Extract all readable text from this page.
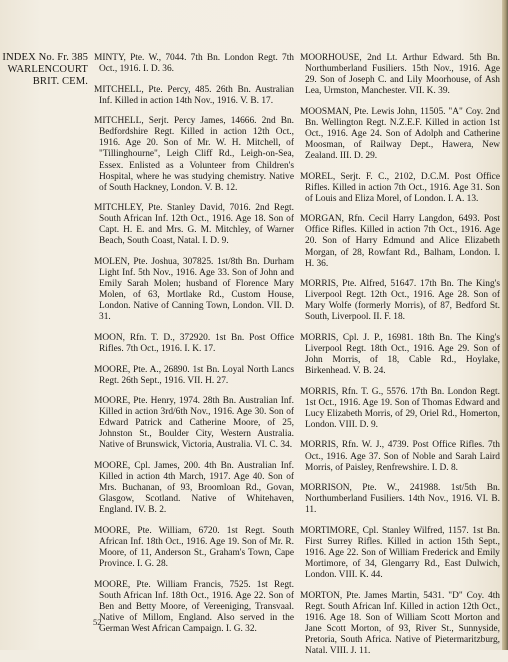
INDEX No. Fr. 385
WARLENCOURT
BRIT. CEM.

MINTY, Pte. W., 7044. 7th Bn. London Regt. 7th Oct., 1916. I. D. 36.

MITCHELL, Pte. Percy, 485. 26th Bn. Australian Inf. Killed in action 14th Nov., 1916. V. B. 17.

MITCHELL, Serjt. Percy James, 14666. 2nd Bn. Bedfordshire Regt. Killed in action 12th Oct., 1916. Age 20. Son of Mr. W. H. Mitchell, of "Tillinghourne", Leigh Cliff Rd., Leigh-on-Sea, Essex. Enlisted as a Volunteer from Children's Hospital, where he was studying chemistry. Native of South Hackney, London. V. B. 12.

MITCHLEY, Pte. Stanley David, 7016. 2nd Regt. South African Inf. 12th Oct., 1916. Age 18. Son of Capt. H. E. and Mrs. G. M. Mitchley, of Warner Beach, South Coast, Natal. I. D. 9.

MOLEN, Pte. Joshua, 307825. 1st/8th Bn. Durham Light Inf. 5th Nov., 1916. Age 33. Son of John and Emily Sarah Molen; husband of Florence Mary Molen, of 63, Mortlake Rd., Custom House, London. Native of Canning Town, London. VII. D. 31.

MOON, Rfn. T. D., 372920. 1st Bn. Post Office Rifles. 7th Oct., 1916. I. K. 17.

MOORE, Pte. A., 26890. 1st Bn. Loyal North Lancs Regt. 26th Sept., 1916. VII. H. 27.

MOORE, Pte. Henry, 1974. 28th Bn. Australian Inf. Killed in action 3rd/6th Nov., 1916. Age 30. Son of Edward Patrick and Catherine Moore, of 25, Johnston St., Boulder City, Western Australia. Native of Brunswick, Victoria, Australia. VI. C. 34.

MOORE, Cpl. James, 200. 4th Bn. Australian Inf. Killed in action 4th March, 1917. Age 40. Son of Mrs. Buchanan, of 93, Broomloan Rd., Govan, Glasgow, Scotland. Native of Whitehaven, England. IV. B. 2.

MOORE, Pte. William, 6720. 1st Regt. South African Inf. 18th Oct., 1916. Age 19. Son of Mr. R. Moore, of 11, Anderson St., Graham's Town, Cape Province. I. G. 28.

MOORE, Pte. William Francis, 7525. 1st Regt. South African Inf. 18th Oct., 1916. Age 22. Son of Ben and Betty Moore, of Vereeniging, Transvaal. Native of Millom, England. Also served in the German West African Campaign. I. G. 32.

MOORHOUSE, 2nd Lt. Arthur Edward. 5th Bn. Northumberland Fusiliers. 15th Nov., 1916. Age 29. Son of Joseph C. and Lily Moorhouse, of Ash Lea, Urmston, Manchester. VII. K. 39.

MOOSMAN, Pte. Lewis John, 11505. "A" Coy. 2nd Bn. Wellington Regt. N.Z.E.F. Killed in action 1st Oct., 1916. Age 24. Son of Adolph and Catherine Moosman, of Railway Dept., Hawera, New Zealand. III. D. 29.

MOREL, Serjt. F. C., 2102, D.C.M. Post Office Rifles. Killed in action 7th Oct., 1916. Age 31. Son of Louis and Eliza Morel, of London. I. A. 13.

MORGAN, Rfn. Cecil Harry Langdon, 6493. Post Office Rifles. Killed in action 7th Oct., 1916. Age 20. Son of Harry Edmund and Alice Elizabeth Morgan, of 28, Rowfant Rd., Balham, London. I. H. 36.

MORRIS, Pte. Alfred, 51647. 17th Bn. The King's Liverpool Regt. 12th Oct., 1916. Age 28. Son of Mary Wolfe (formerly Morris), of 87, Bedford St. South, Liverpool. II. F. 18.

MORRIS, Cpl. J. P., 16981. 18th Bn. The King's Liverpool Regt. 18th Oct., 1916. Age 29. Son of John Morris, of 18, Cable Rd., Hoylake, Birkenhead. V. B. 24.

MORRIS, Rfn. T. G., 5576. 17th Bn. London Regt. 1st Oct., 1916. Age 19. Son of Thomas Edward and Lucy Elizabeth Morris, of 29, Oriel Rd., Homerton, London. VIII. D. 9.

MORRIS, Rfn. W. J., 4739. Post Office Rifles. 7th Oct., 1916. Age 37. Son of Noble and Sarah Laird Morris, of Paisley, Renfrewshire. I. D. 8.

MORRISON, Pte. W., 241988. 1st/5th Bn. Northumberland Fusiliers. 14th Nov., 1916. VI. B. 11.

MORTIMORE, Cpl. Stanley Wilfred, 1157. 1st Bn. First Surrey Rifles. Killed in action 15th Sept., 1916. Age 22. Son of William Frederick and Emily Mortimore, of 34, Glengarry Rd., East Dulwich, London. VIII. K. 44.

MORTON, Pte. James Martin, 5431. "D" Coy. 4th Regt. South African Inf. Killed in action 12th Oct., 1916. Age 18. Son of William Scott Morton and Jane Scott Morton, of 93, River St., Sunnyside, Pretoria, South Africa. Native of Pietermaritzburg, Natal. VIII. J. 11.

52
